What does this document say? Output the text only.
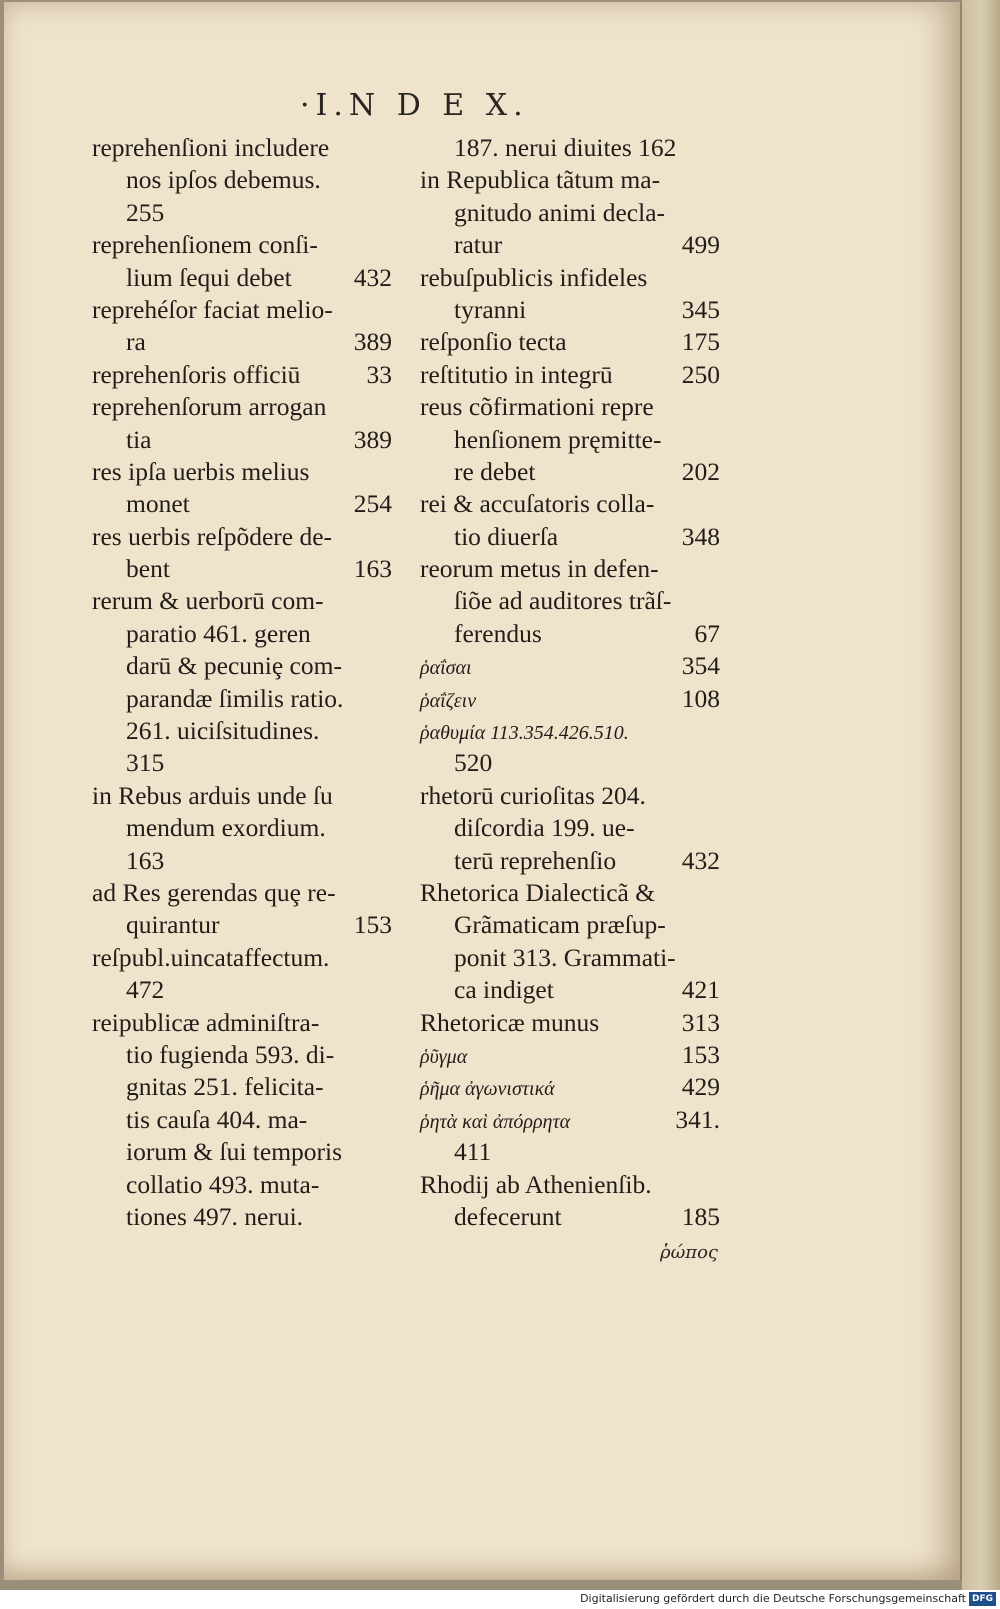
·I.N D E X.
reprehenſioni includere
nos ipſos debemus.
255
reprehenſionem conſi-
lium ſequi debet 432
reprehéſor faciat melio-
ra	389
reprehenſoris officiū	33
reprehenſorum arrogan
tia	389
res ipſa uerbis melius
monet	254
res uerbis reſpõdere de-
bent	163
rerum & uerborū com-
paratio 461. geren
darū & pecuniȩ com-
parandæ ſimilis ratio.
261. uiciſsitudines.
315
in Rebus arduis unde ſu
mendum exordium.
163
ad Res gerendas quȩ re-
quirantur	153
reſpubl.uincataffectum.
472
reipublicæ adminiſtra-
tio fugienda 593. di-
gnitas 251. felicita-
tis cauſa 404. ma-
iorum & ſui temporis
collatio 493. muta-
tiones 497. nerui.
187. nerui diuites 162
in Republica tãtum ma-
gnitudo animi decla-
ratur	499
rebuſpublicis infideles
tyranni	345
reſponſio tecta	175
reſtitutio in integrū	250
reus cõfirmationi repre
henſionem pręmitte-
re debet	202
rei & accuſatoris colla-
tio diuerſa	348
reorum metus in defen-
ſiõe ad auditores trãſ-
ferendus	67
ῥαΐσαι	354
ῥαΐζειν	108
ῥαθυμία 113.354.426.510.
520
rhetorū curioſitas 204.
diſcordia 199. ue-
terū reprehenſio	432
Rhetorica Dialecticã &
Grãmaticam præſup-
ponit 313. Grammati-
ca indiget	421
Rhetoricæ munus	313
ῥῦγμα	153
ῥῆμα ἀγωνιστικά	429
ῥητὰ καὶ ἀπόρρητα	341.
411
Rhodij ab Athenienſib.
defecerunt	185
ῥώπος
Digitalisierung gefördert durch die Deutsche Forschungsgemeinschaft DFG
